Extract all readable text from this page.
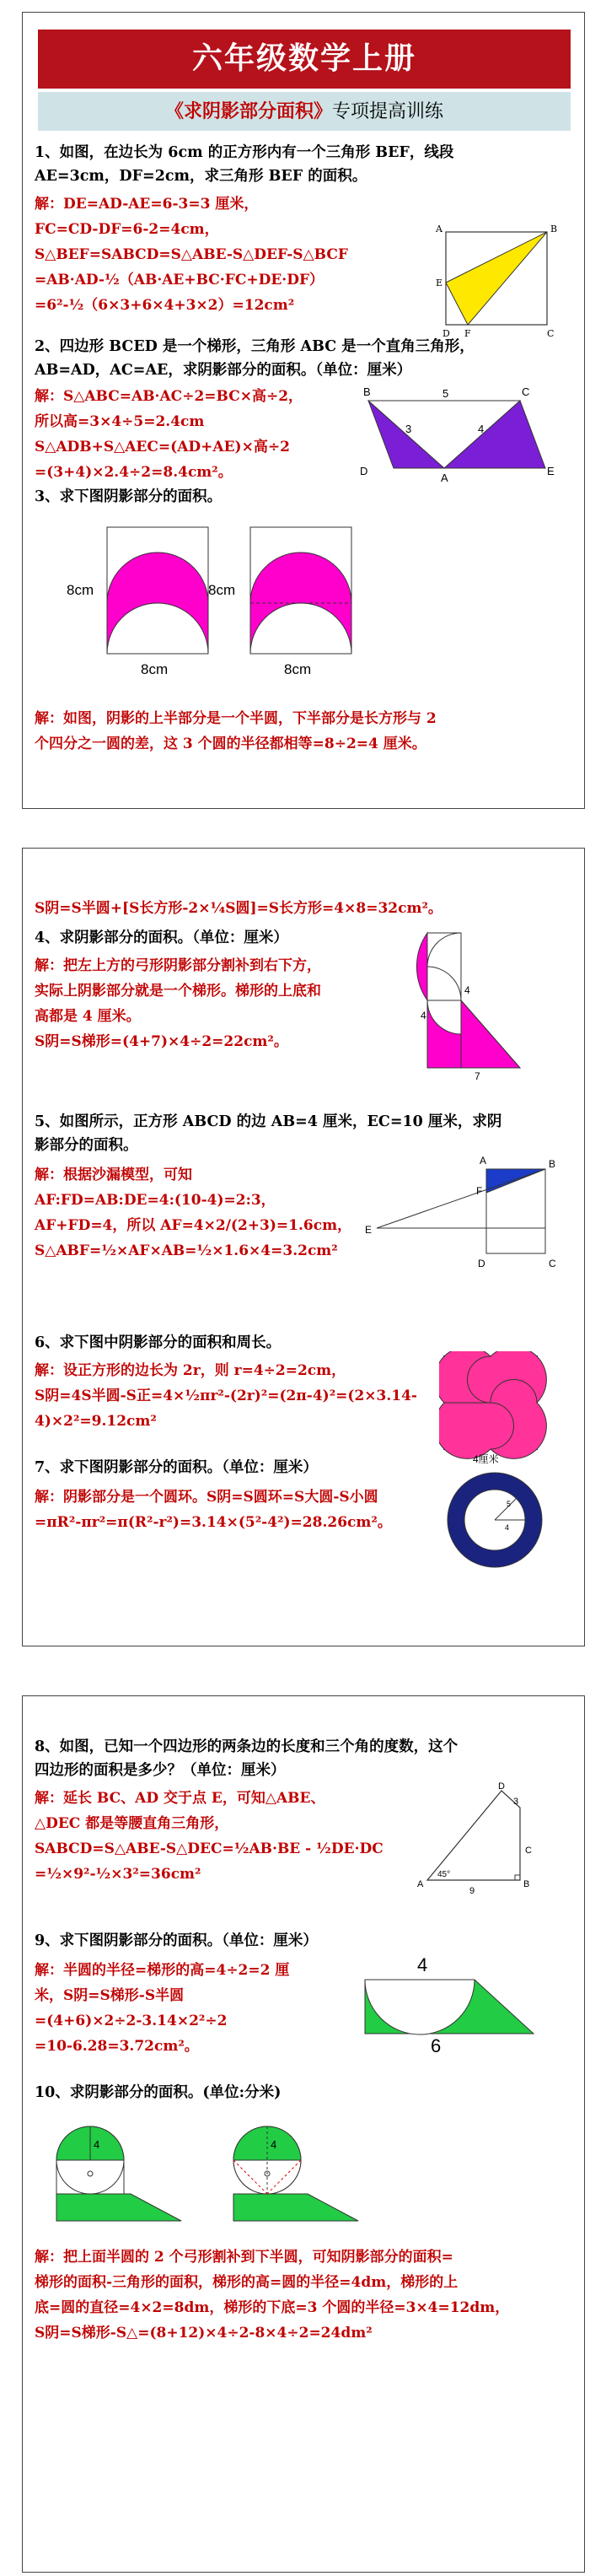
六年级数学上册
《求阴影部分面积》专项提高训练
1、如图，在边长为 6cm 的正方形内有一个三角形 BEF，线段
AE=3cm，DF=2cm，求三角形 BEF 的面积。
解：DE=AD-AE=6-3=3 厘米，
FC=CD-DF=6-2=4cm，
S△BEF=SABCD=S△ABE-S△DEF-S△BCF
=AB·AD-½（AB·AE+BC·FC+DE·DF）
=6²-½（6×3+6×4+3×2）=12cm²
A	B
E
D F	C
2、四边形 BCED 是一个梯形，三角形 ABC 是一个直角三角形，
AB=AD，AC=AE，求阴影部分的面积。（单位：厘米）
解：S△ABC=AB·AC÷2=BC×高÷2，
所以高=3×4÷5=2.4cm
S△ADB+S△AEC=(AD+AE)×高÷2
=(3+4)×2.4÷2=8.4cm²。
B	5	C
3	4
D
A
E
3、求下图阴影部分的面积。
8cm
8cm
8cm
8cm
解：如图，阴影的上半部分是一个半圆，下半部分是长方形与 2
个四分之一圆的差，这 3 个圆的半径都相等=8÷2=4 厘米。
S阴=S半圆+[S长方形-2×¼S圆]=S长方形=4×8=32cm²。
4、求阴影部分的面积。（单位：厘米）
解：把左上方的弓形阴影部分割补到右下方，
实际上阴影部分就是一个梯形。梯形的上底和
高都是 4 厘米。
S阴=S梯形=(4+7)×4÷2=22cm²。
4
4
7
5、如图所示，正方形 ABCD 的边 AB=4 厘米，EC=10 厘米，求阴
影部分的面积。
解：根据沙漏模型，可知
AF:FD=AB:DE=4:(10-4)=2:3，
AF+FD=4，所以 AF=4×2/(2+3)=1.6cm，
S△ABF=½×AF×AB=½×1.6×4=3.2cm²
A	B
F
E
D	C
6、求下图中阴影部分的面积和周长。
解：设正方形的边长为 2r，则 r=4÷2=2cm，
S阴=4S半圆-S正=4×½πr²-(2r)²=(2π-4)²=(2×3.14-
4)×2²=9.12cm²
4厘米
7、求下图阴影部分的面积。（单位：厘米）
解：阴影部分是一个圆环。S阴=S圆环=S大圆-S小圆
=πR²-πr²=π(R²-r²)=3.14×(5²-4²)=28.26cm²。
5
4
8、如图，已知一个四边形的两条边的长度和三个角的度数，这个
四边形的面积是多少？（单位：厘米）
解：延长 BC、AD 交于点 E，可知△ABE、
△DEC 都是等腰直角三角形，
SABCD=S△ABE-S△DEC=½AB·BE - ½DE·DC
=½×9²-½×3²=36cm²
D
3
A
45°
9
B
C
9、求下图阴影部分的面积。（单位：厘米）
解：半圆的半径=梯形的高=4÷2=2 厘
米，S阴=S梯形-S半圆
=(4+6)×2÷2-3.14×2²÷2
=10-6.28=3.72cm²。
4
6
10、求阴影部分的面积。(单位:分米)
4	4
解：把上面半圆的 2 个弓形割补到下半圆，可知阴影部分的面积=
梯形的面积-三角形的面积，梯形的高=圆的半径=4dm，梯形的上
底=圆的直径=4×2=8dm，梯形的下底=3 个圆的半径=3×4=12dm，
S阴=S梯形-S△=(8+12)×4÷2-8×4÷2=24dm²
